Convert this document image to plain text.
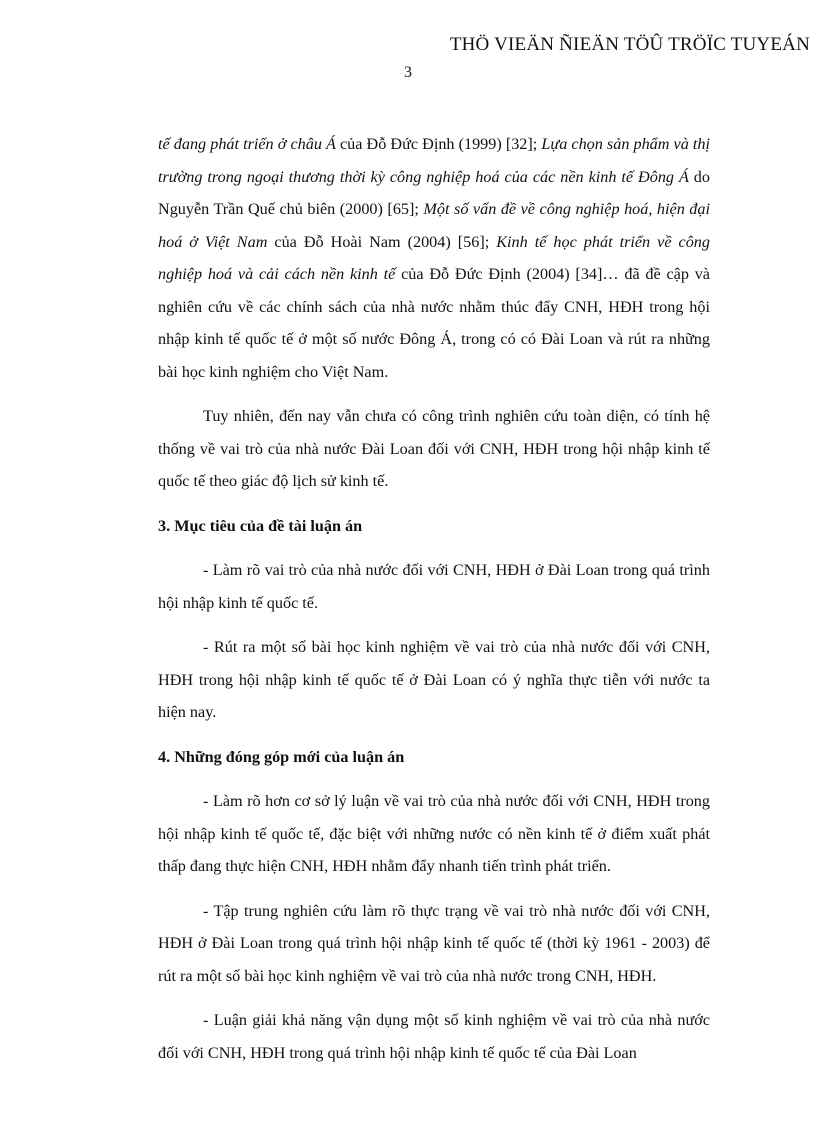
THÖ VIEÄN ÑIEÄN TÖÛ TRÖÏC TUYEÁN
3

tế đang phát triển ở châu Á của Đỗ Đức Định (1999) [32]; Lựa chọn sản phẩm và thị trường trong ngoại thương thời kỳ công nghiệp hoá của các nền kinh tế Đông Á do Nguyễn Trần Quế chủ biên (2000) [65]; Một số vấn đề về công nghiệp hoá, hiện đại hoá ở Việt Nam của Đỗ Hoài Nam (2004) [56]; Kinh tế học phát triển về công nghiệp hoá và cải cách nền kinh tế của Đỗ Đức Định (2004) [34]… đã đề cập và nghiên cứu về các chính sách của nhà nước nhằm thúc đẩy CNH, HĐH trong hội nhập kinh tế quốc tế ở một số nước Đông Á, trong có có Đài Loan và rút ra những bài học kinh nghiệm cho Việt Nam.

Tuy nhiên, đến nay vẫn chưa có công trình nghiên cứu toàn diện, có tính hệ thống về vai trò của nhà nước Đài Loan đối với CNH, HĐH trong hội nhập kinh tế quốc tế theo giác độ lịch sử kinh tế.

3. Mục tiêu của đề tài luận án

- Làm rõ vai trò của nhà nước đối với CNH, HĐH ở Đài Loan trong quá trình hội nhập kinh tế quốc tế.

- Rút ra một số bài học kinh nghiệm về vai trò của nhà nước đối với CNH, HĐH trong hội nhập kinh tế quốc tế ở Đài Loan có ý nghĩa thực tiễn với nước ta hiện nay.

4. Những đóng góp mới của luận án

- Làm rõ hơn cơ sở lý luận về vai trò của nhà nước đối với CNH, HĐH trong hội nhập kinh tế quốc tế, đặc biệt với những nước có nền kinh tế ở điểm xuất phát thấp đang thực hiện CNH, HĐH nhằm đẩy nhanh tiến trình phát triển.

- Tập trung nghiên cứu làm rõ thực trạng về vai trò nhà nước đối với CNH, HĐH ở Đài Loan trong quá trình hội nhập kinh tế quốc tế (thời kỳ 1961 - 2003) để rút ra một số bài học kinh nghiệm về vai trò của nhà nước trong CNH, HĐH.

- Luận giải khả năng vận dụng một số kinh nghiệm về vai trò của nhà nước đối với CNH, HĐH trong quá trình hội nhập kinh tế quốc tế của Đài Loan
